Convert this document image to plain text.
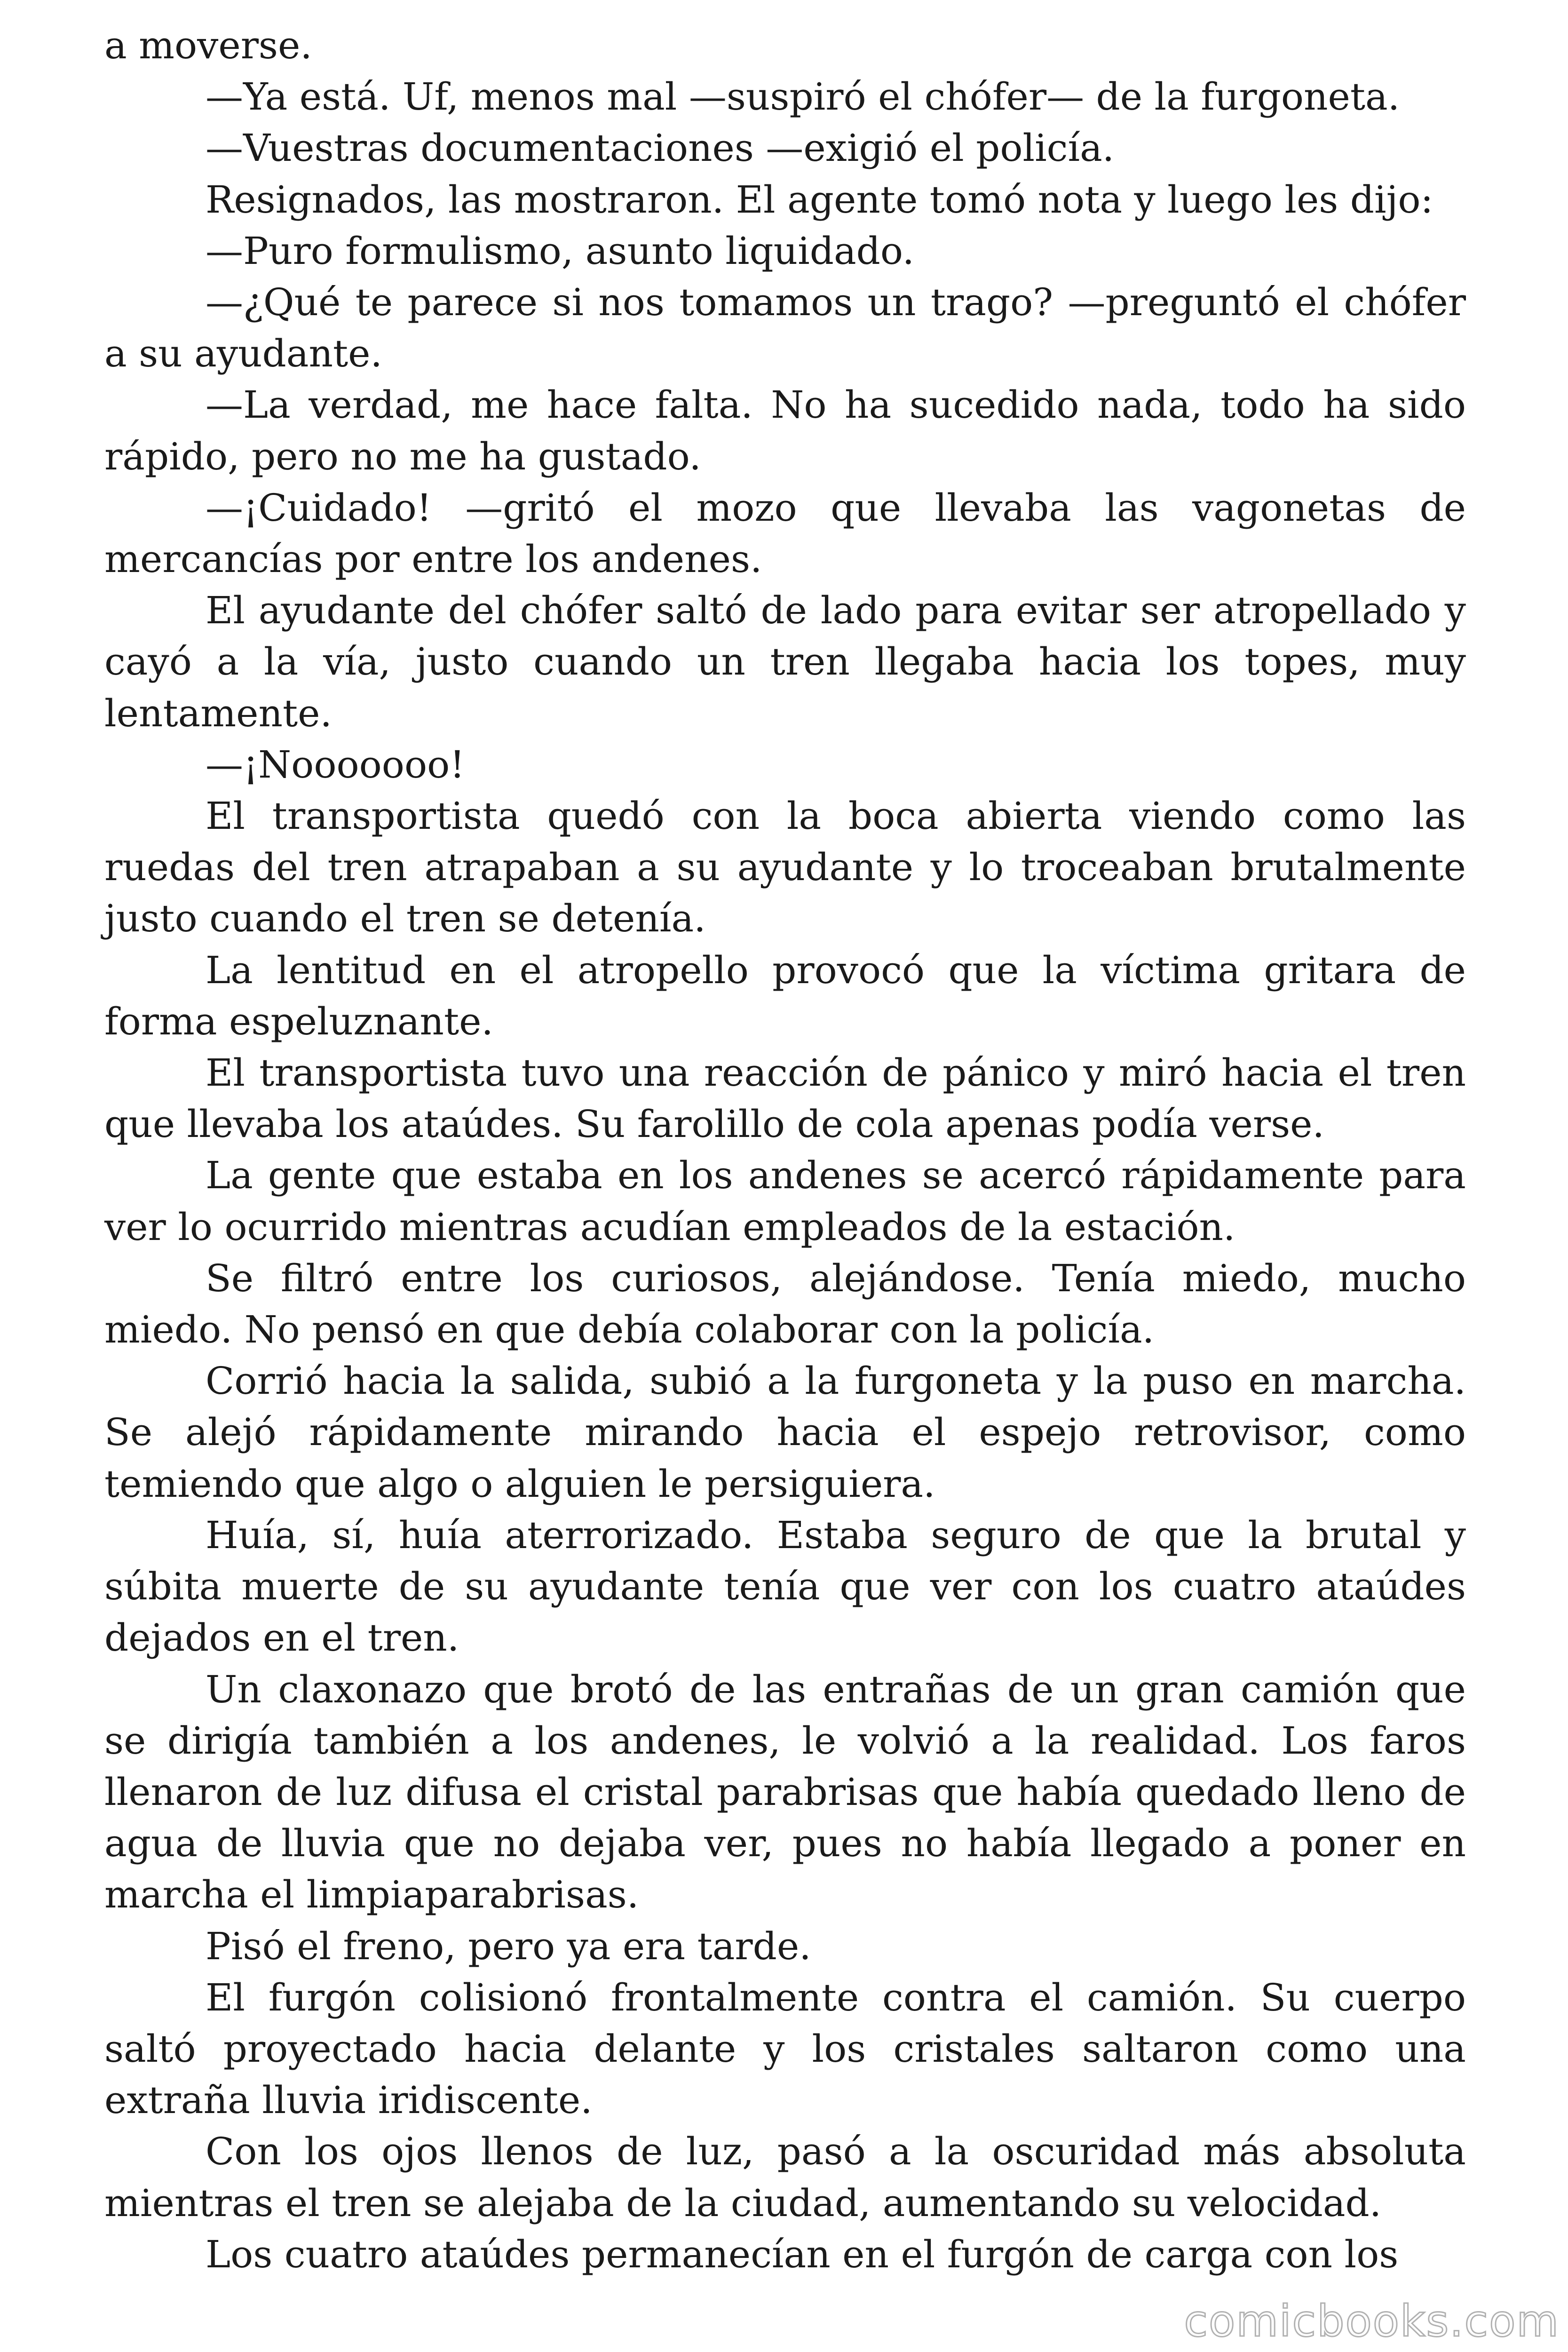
a moverse.

—Ya está. Uf, menos mal —suspiró el chófer— de la furgoneta.

—Vuestras documentaciones —exigió el policía.

Resignados, las mostraron. El agente tomó nota y luego les dijo:

—Puro formulismo, asunto liquidado.

—¿Qué te parece si nos tomamos un trago? —preguntó el chófer a su ayudante.

—La verdad, me hace falta. No ha sucedido nada, todo ha sido rápido, pero no me ha gustado.

—¡Cuidado! —gritó el mozo que llevaba las vagonetas de mercancías por entre los andenes.

El ayudante del chófer saltó de lado para evitar ser atropellado y cayó a la vía, justo cuando un tren llegaba hacia los topes, muy lentamente.

—¡Nooooooo!

El transportista quedó con la boca abierta viendo como las ruedas del tren atrapaban a su ayudante y lo troceaban brutalmente justo cuando el tren se detenía.

La lentitud en el atropello provocó que la víctima gritara de forma espeluznante.

El transportista tuvo una reacción de pánico y miró hacia el tren que llevaba los ataúdes. Su farolillo de cola apenas podía verse.

La gente que estaba en los andenes se acercó rápidamente para ver lo ocurrido mientras acudían empleados de la estación.

Se filtró entre los curiosos, alejándose. Tenía miedo, mucho miedo. No pensó en que debía colaborar con la policía.

Corrió hacia la salida, subió a la furgoneta y la puso en marcha. Se alejó rápidamente mirando hacia el espejo retrovisor, como temiendo que algo o alguien le persiguiera.

Huía, sí, huía aterrorizado. Estaba seguro de que la brutal y súbita muerte de su ayudante tenía que ver con los cuatro ataúdes dejados en el tren.

Un claxonazo que brotó de las entrañas de un gran camión que se dirigía también a los andenes, le volvió a la realidad. Los faros llenaron de luz difusa el cristal parabrisas que había quedado lleno de agua de lluvia que no dejaba ver, pues no había llegado a poner en marcha el limpiaparabrisas.

Pisó el freno, pero ya era tarde.

El furgón colisionó frontalmente contra el camión. Su cuerpo saltó proyectado hacia delante y los cristales saltaron como una extraña lluvia iridiscente.

Con los ojos llenos de luz, pasó a la oscuridad más absoluta mientras el tren se alejaba de la ciudad, aumentando su velocidad.

Los cuatro ataúdes permanecían en el furgón de carga con los

comicbooks.com
